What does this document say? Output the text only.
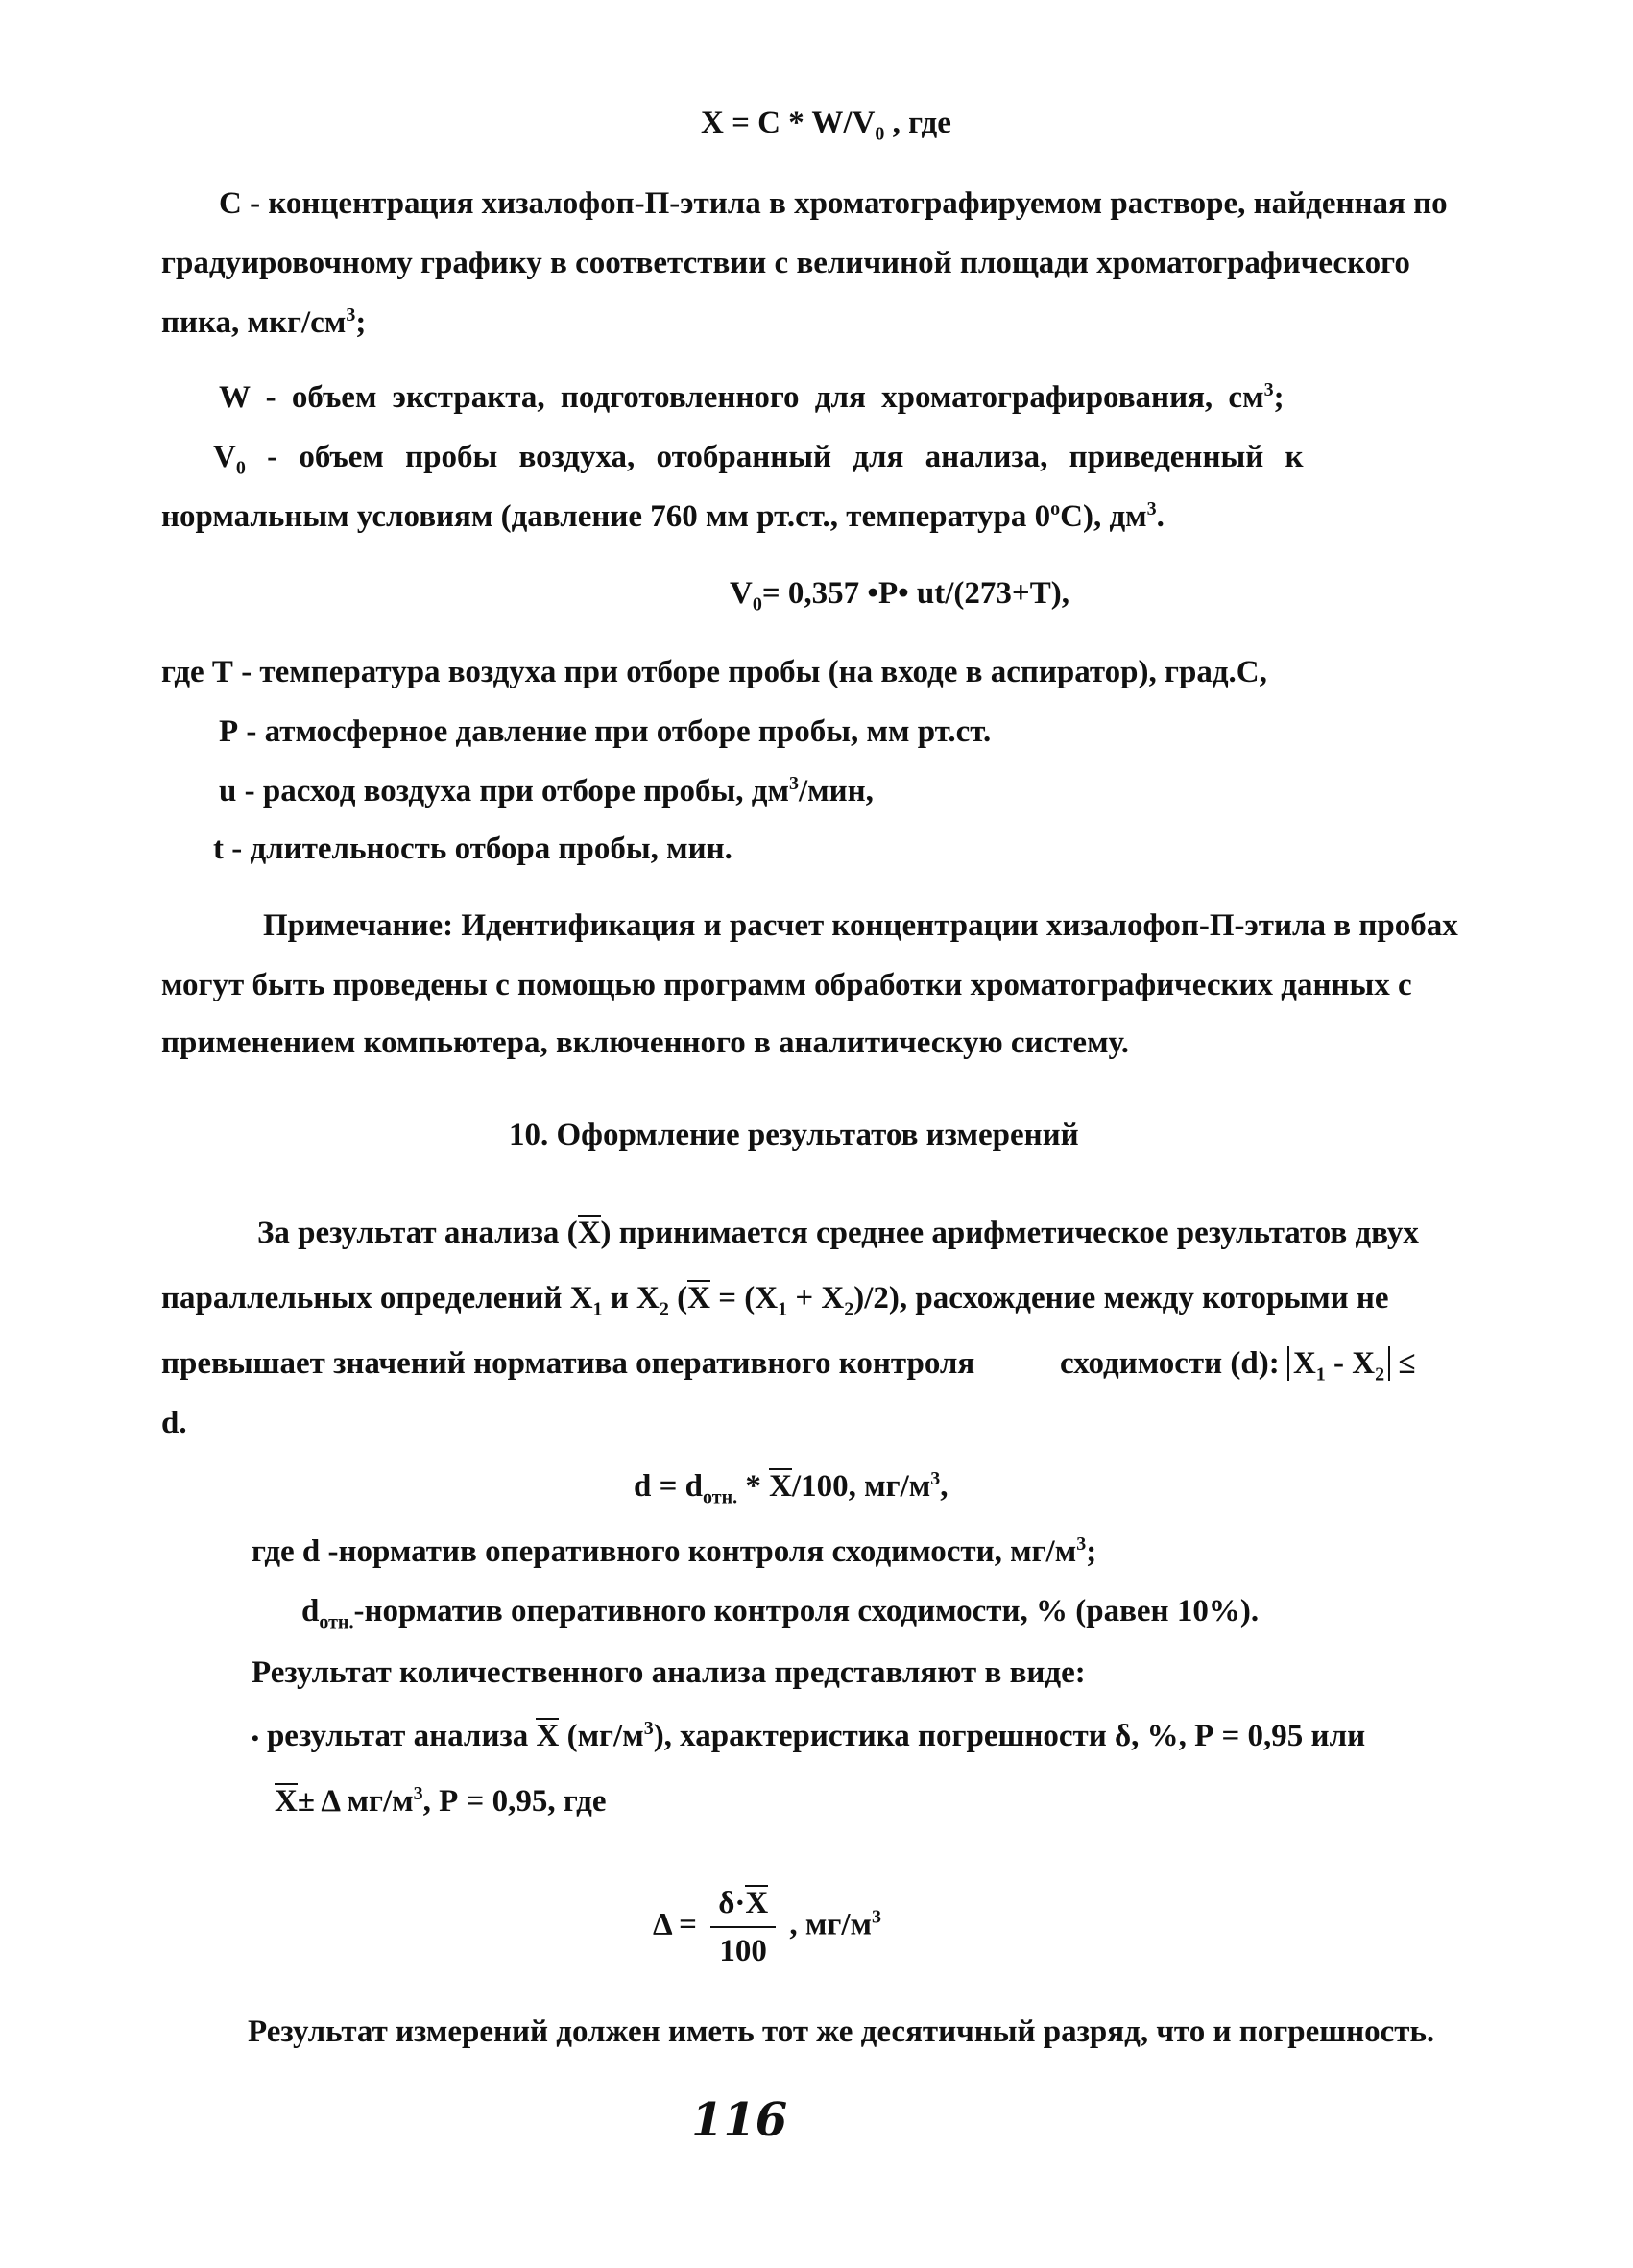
$X = C * W/V_0$ , где
С - концентрация хизалофоп-П-этила в хроматографируемом растворе, найденная по
градуировочному графику в соответствии с величиной площади хроматографического
пика, мкг/$см^3$;
W - объем экстракта, подготовленного для хроматографирования, $см^3$;
$V_0$ - объем пробы воздуха, отобранный для анализа, приведенный к
нормальным условиям (давление 760 мм рт.ст., температура 0$^o$С), $дм^3$.
$V_0= 0,357$ •P• ut/(273+T),
где Т - температура воздуха при отборе пробы (на входе в аспиратор), град.С,
Р - атмосферное давление при отборе пробы, мм рт.ст.
u - расход воздуха при отборе пробы, $дм^3$/мин,
t - длительность отбора пробы, мин.
Примечание: Идентификация и расчет концентрации хизалофоп-П-этила в пробах
могут быть проведены с помощью программ обработки хроматографических данных с
применением компьютера, включенного в аналитическую систему.
10. Оформление результатов измерений
За результат анализа (X) принимается среднее арифметическое результатов двух
параллельных определений $X_1$ и $X_2$ $(X = (X_1 + X_2)/2)$, расхождение между которыми не
превышает значений норматива оперативного контроля	сходимости (d): $X_1 - X_2$ ≤
d.
$d = d_{отн.} * X/100$, $мг/м^3$,
где d -норматив оперативного контроля сходимости, $мг/м^3$;
$d_{отн.}$-норматив оперативного контроля сходимости, % (равен 10%).
Результат количественного анализа представляют в виде:
• результат анализа X $(мг/м^3)$, характеристика погрешности δ, %, Р = 0,95 или
X± Δ $мг/м^3$, Р = 0,95, где
$\Delta = \frac{\delta\cdot X}{100}$ , $мг/м^3$
Результат измерений должен иметь тот же десятичный разряд, что и погрешность.
116
